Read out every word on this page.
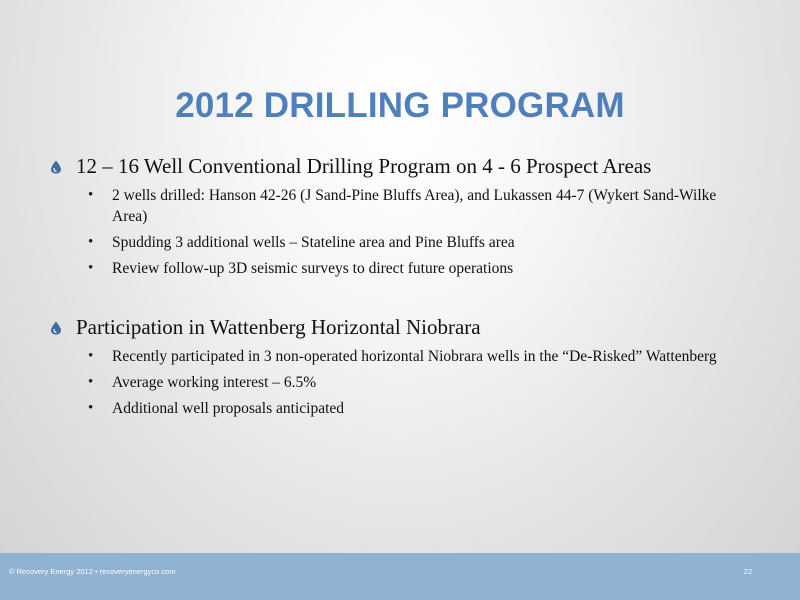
2012 DRILLING PROGRAM
12 – 16 Well Conventional Drilling Program on 4 - 6 Prospect Areas
• 2 wells drilled: Hanson 42-26 (J Sand-Pine Bluffs Area), and Lukassen 44-7 (Wykert Sand-Wilke Area)
• Spudding 3 additional wells – Stateline area and Pine Bluffs area
• Review follow-up 3D seismic surveys to direct future operations
Participation in Wattenberg Horizontal Niobrara
• Recently participated in 3 non-operated horizontal Niobrara wells in the “De-Risked” Wattenberg
• Average working interest – 6.5%
• Additional well proposals anticipated
© Recovery Energy 2012 • recoveryenergyco.com	22
